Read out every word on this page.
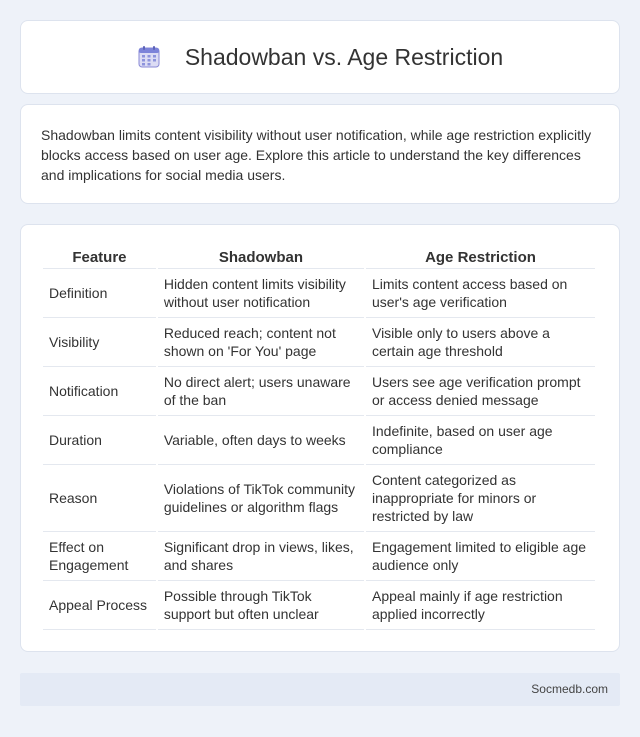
Shadowban vs. Age Restriction

Shadowban limits content visibility without user notification, while age restriction explicitly blocks access based on user age. Explore this article to understand the key differences and implications for social media users.

Feature	Shadowban	Age Restriction
Definition	Hidden content limits visibility without user notification	Limits content access based on user's age verification
Visibility	Reduced reach; content not shown on 'For You' page	Visible only to users above a certain age threshold
Notification	No direct alert; users unaware of the ban	Users see age verification prompt or access denied message
Duration	Variable, often days to weeks	Indefinite, based on user age compliance
Reason	Violations of TikTok community guidelines or algorithm flags	Content categorized as inappropriate for minors or restricted by law
Effect on Engagement	Significant drop in views, likes, and shares	Engagement limited to eligible age audience only
Appeal Process	Possible through TikTok support but often unclear	Appeal mainly if age restriction applied incorrectly
Socmedb.com
